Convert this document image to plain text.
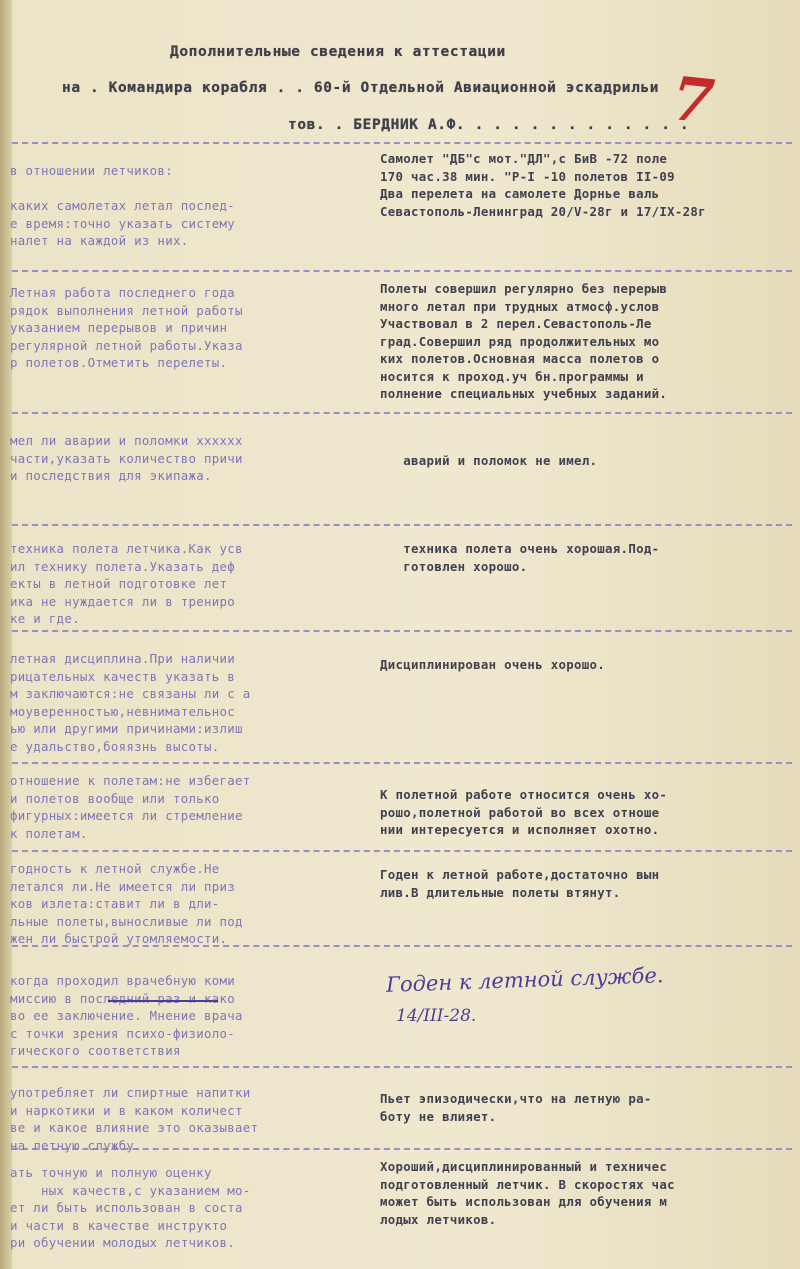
Дополнительные сведения к аттестации
на . Командира корабля . . 60-й Отдельной Авиационной эскадрильи
тов. . БЕРДНИК А.Ф. . . . . . . . . . . . .
7
в отношении летчиков:

каких самолетах летал послед-
е время:точно указать систему
налет на каждой из них.
Самолет "ДБ"с мот."ДЛ",с БиВ -72 поле
170 час.38 мин. "Р-I -10 полетов II-09
Два перелета на самолете Дорнье валь
Севастополь-Ленинград 20/V-28г и 17/IХ-28г
Летная работа последнего года
рядок выполнения летной работы
указанием перерывов и причин
регулярной летной работы.Указа
р полетов.Отметить перелеты.
Полеты совершил регулярно без перерыв
много летал при трудных атмосф.услов
Участвовал в 2 перел.Севастополь-Ле
град.Совершил ряд продолжительных мо
ких полетов.Основная масса полетов о
носится к проход.уч бн.программы и
полнение специальных учебных заданий.
мел ли аварии и поломки хххххх
части,указать количество причи
и последствия для экипажа.
аварий и поломок не имел.
техника полета летчика.Как усв
ил технику полета.Указать деф
екты в летной подготовке лет
ика не нуждается ли в трениро
ке и где.
техника полета очень хорошая.Под-
готовлен хорошо.
летная дисциплина.При наличии
рицательных качеств указать в
м заключаются:не связаны ли с а
моуверенностью,невнимательнос
ью или другими причинами:излиш
е удальство,бояязнь высоты.
Дисциплинирован очень хорошо.
отношение к полетам:не избегает
и полетов вообще или только
фигурных:имеется ли стремление
к полетам.
К полетной работе относится очень хо-
рошо,полетной работой во всех отноше
нии интересуется и исполняет охотно.
годность к летной службе.Не
летался ли.Не имеется ли приз
ков излета:ставит ли в дли-
льные полеты,выносливые ли под
жен ли быстрой утомляемости.
Годен к летной работе,достаточно вын
лив.В длительные полеты втянут.
когда проходил врачебную коми
миссию в последний раз и како
во ее заключение. Мнение врача
с точки зрения психо-физиоло-
гического соответствия
Годен к летной службе.
14/III-28.
употребляет ли спиртные напитки
и наркотики и в каком количест
ве и какое влияние это оказывает
на летную службу.
Пьет эпизодически,что на летную ра-
боту не влияет.
ать точную и полную оценку
ных качеств,с указанием мо-
ет ли быть использован в соста
и части в качестве инструкто
ри обучении молодых летчиков.
Хороший,дисциплинированный и техничес
подготовленный летчик. В скоростях час
может быть использован для обучения м
лодых летчиков.
